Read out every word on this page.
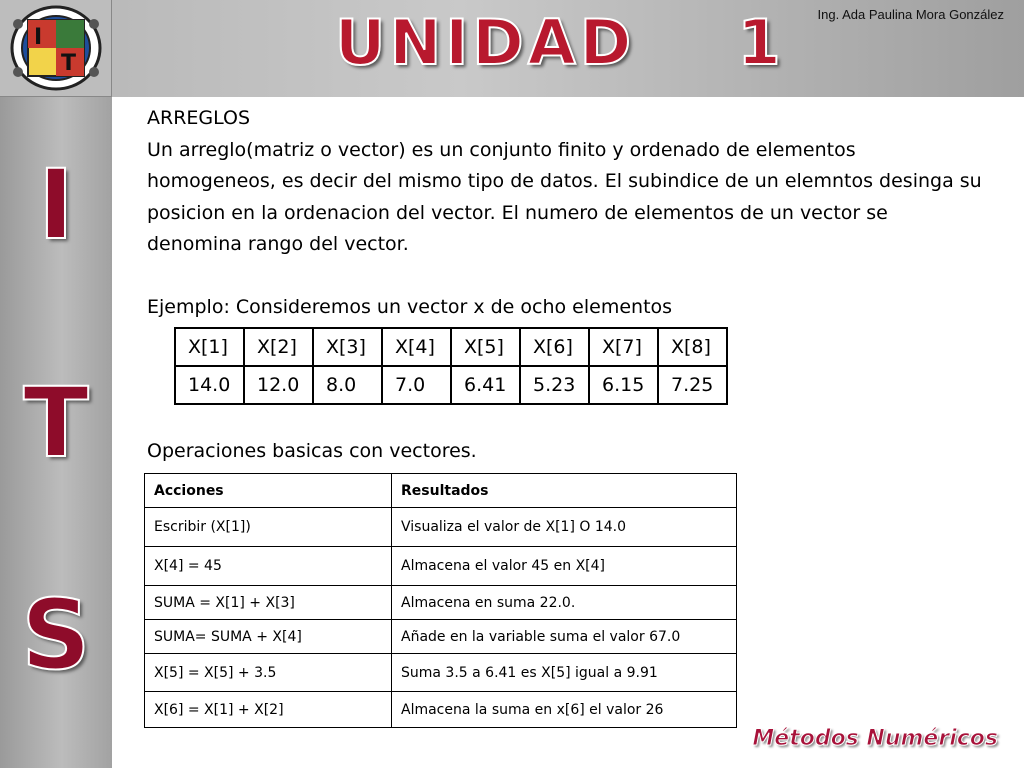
I
T	UNIDAD    1	Ing. Ada Paulina Mora González
I
T
S

ARREGLOS

Un arreglo(matriz o vector) es un conjunto finito y ordenado de elementos homogeneos, es decir del mismo tipo de datos. El subindice de un elemntos desinga su posicion en la ordenacion del vector. El numero de elementos de un vector se denomina rango del vector.

Ejemplo: Consideremos un vector x de ocho elementos

X[1]	X[2]	X[3]	X[4]	X[5]	X[6]	X[7]	X[8]
14.0	12.0	8.0	7.0	6.41	5.23	6.15	7.25
Operaciones basicas con vectores.
Acciones	Resultados
Escribir (X[1])	Visualiza el valor de X[1] O 14.0
X[4] = 45	Almacena el valor 45 en X[4]
SUMA = X[1] + X[3]	Almacena en suma 22.0.
SUMA= SUMA + X[4]	Añade en la variable suma el valor 67.0
X[5] = X[5] + 3.5	Suma 3.5 a 6.41 es X[5] igual a 9.91
X[6] = X[1] + X[2]	Almacena la suma en x[6] el valor 26
Métodos Numéricos
